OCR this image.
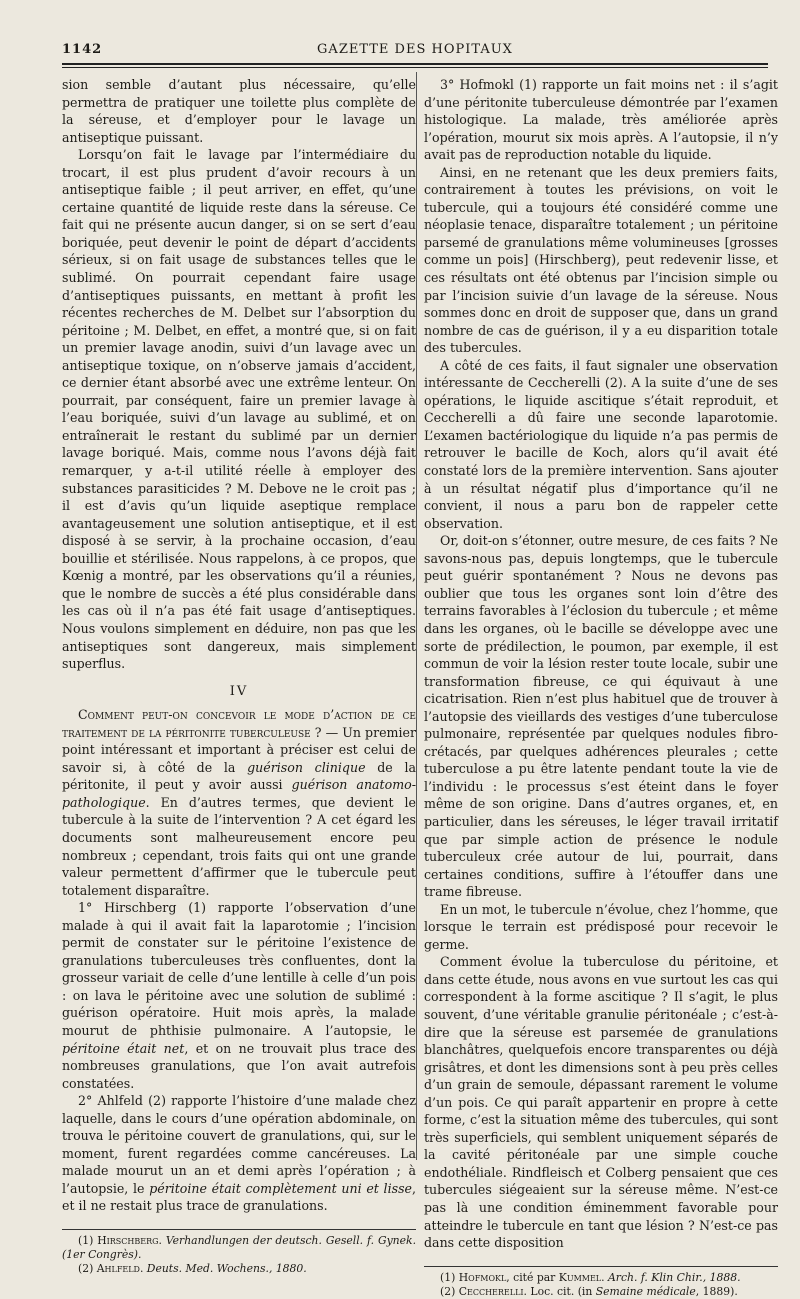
1142	GAZETTE DES HOPITAUX

sion semble d’autant plus nécessaire, qu’elle permettra de pratiquer une toilette plus complète de la séreuse, et d’employer pour le lavage un antiseptique puissant.

Lorsqu’on fait le lavage par l’intermédiaire du trocart, il est plus prudent d’avoir recours à un antiseptique faible ; il peut arriver, en effet, qu’une certaine quantité de liquide reste dans la séreuse. Ce fait qui ne présente aucun danger, si on se sert d’eau boriquée, peut devenir le point de départ d’accidents sérieux, si on fait usage de substances telles que le sublimé. On pourrait cependant faire usage d’antiseptiques puissants, en mettant à profit les récentes recherches de M. Delbet sur l’absorption du péritoine ; M. Delbet, en effet, a montré que, si on fait un premier lavage anodin, suivi d’un lavage avec un antiseptique toxique, on n’observe jamais d’accident, ce dernier étant absorbé avec une extrême lenteur. On pourrait, par conséquent, faire un premier lavage à l’eau boriquée, suivi d’un lavage au sublimé, et on entraînerait le restant du sublimé par un dernier lavage boriqué. Mais, comme nous l’avons déjà fait remarquer, y a-t-il utilité réelle à employer des substances parasiticides ? M. Debove ne le croit pas ; il est d’avis qu’un liquide aseptique remplace avantageusement une solution antiseptique, et il est disposé à se servir, à la prochaine occasion, d’eau bouillie et stérilisée. Nous rappelons, à ce propos, que Kœnig a montré, par les observations qu’il a réunies, que le nombre de succès a été plus considérable dans les cas où il n’a pas été fait usage d’antiseptiques. Nous voulons simplement en déduire, non pas que les antiseptiques sont dangereux, mais simplement superflus.

IV

Comment peut-on concevoir le mode d’action de ce traitement de la péritonite tuberculeuse ? — Un premier point intéressant et important à préciser est celui de savoir si, à côté de la guérison clinique de la péritonite, il peut y avoir aussi guérison anatomo-pathologique. En d’autres termes, que devient le tubercule à la suite de l’intervention ? A cet égard les documents sont malheureusement encore peu nombreux ; cependant, trois faits qui ont une grande valeur permettent d’affirmer que le tubercule peut totalement disparaître.

1° Hirschberg (1) rapporte l’observation d’une malade à qui il avait fait la laparotomie ; l’incision permit de constater sur le péritoine l’existence de granulations tuberculeuses très confluentes, dont la grosseur variait de celle d’une lentille à celle d’un pois : on lava le péritoine avec une solution de sublimé : guérison opératoire. Huit mois après, la malade mourut de phthisie pulmonaire. A l’autopsie, le péritoine était net, et on ne trouvait plus trace des nombreuses granulations, que l’on avait autrefois constatées.

2° Ahlfeld (2) rapporte l’histoire d’une malade chez laquelle, dans le cours d’une opération abdominale, on trouva le péritoine couvert de granulations, qui, sur le moment, furent regardées comme cancéreuses. La malade mourut un an et demi après l’opération ; à l’autopsie, le péritoine était complètement uni et lisse, et il ne restait plus trace de granulations.

(1) Hirschberg. Verhandlungen der deutsch. Gesell. f. Gynek. (1er Congrès).
(2) Ahlfeld. Deuts. Med. Wochens., 1880.

3° Hofmokl (1) rapporte un fait moins net : il s’agit d’une péritonite tuberculeuse démontrée par l’examen histologique. La malade, très améliorée après l’opération, mourut six mois après. A l’autopsie, il n’y avait pas de reproduction notable du liquide.

Ainsi, en ne retenant que les deux premiers faits, contrairement à toutes les prévisions, on voit le tubercule, qui a toujours été considéré comme une néoplasie tenace, disparaître totalement ; un péritoine parsemé de granulations même volumineuses [grosses comme un pois] (Hirschberg), peut redevenir lisse, et ces résultats ont été obtenus par l’incision simple ou par l’incision suivie d’un lavage de la séreuse. Nous sommes donc en droit de supposer que, dans un grand nombre de cas de guérison, il y a eu disparition totale des tubercules.

A côté de ces faits, il faut signaler une observation intéressante de Ceccherelli (2). A la suite d’une de ses opérations, le liquide ascitique s’était reproduit, et Ceccherelli a dû faire une seconde laparotomie. L’examen bactériologique du liquide n’a pas permis de retrouver le bacille de Koch, alors qu’il avait été constaté lors de la première intervention. Sans ajouter à un résultat négatif plus d’importance qu’il ne convient, il nous a paru bon de rappeler cette observation.

Or, doit-on s’étonner, outre mesure, de ces faits ? Ne savons-nous pas, depuis longtemps, que le tubercule peut guérir spontanément ? Nous ne devons pas oublier que tous les organes sont loin d’être des terrains favorables à l’éclosion du tubercule ; et même dans les organes, où le bacille se développe avec une sorte de prédilection, le poumon, par exemple, il est commun de voir la lésion rester toute locale, subir une transformation fibreuse, ce qui équivaut à une cicatrisation. Rien n’est plus habituel que de trouver à l’autopsie des vieillards des vestiges d’une tuberculose pulmonaire, représentée par quelques nodules fibro-crétacés, par quelques adhérences pleurales ; cette tuberculose a pu être latente pendant toute la vie de l’individu : le processus s’est éteint dans le foyer même de son origine. Dans d’autres organes, et, en particulier, dans les séreuses, le léger travail irritatif que par simple action de présence le nodule tuberculeux crée autour de lui, pourrait, dans certaines conditions, suffire à l’étouffer dans une trame fibreuse.

En un mot, le tubercule n’évolue, chez l’homme, que lorsque le terrain est prédisposé pour recevoir le germe.

Comment évolue la tuberculose du péritoine, et dans cette étude, nous avons en vue surtout les cas qui correspondent à la forme ascitique ? Il s’agit, le plus souvent, d’une véritable granulie péritonéale ; c’est-à-dire que la séreuse est parsemée de granulations blanchâtres, quelquefois encore transparentes ou déjà grisâtres, et dont les dimensions sont à peu près celles d’un grain de semoule, dépassant rarement le volume d’un pois. Ce qui paraît appartenir en propre à cette forme, c’est la situation même des tubercules, qui sont très superficiels, qui semblent uniquement séparés de la cavité péritonéale par une simple couche endothéliale. Rindfleisch et Colberg pensaient que ces tubercules siégeaient sur la séreuse même. N’est-ce pas là une condition éminemment favorable pour atteindre le tubercule en tant que lésion ? N’est-ce pas dans cette disposition

(1) Hofmokl, cité par Kummel. Arch. f. Klin Chir., 1888.
(2) Ceccherelli. Loc. cit. (in Semaine médicale, 1889).
